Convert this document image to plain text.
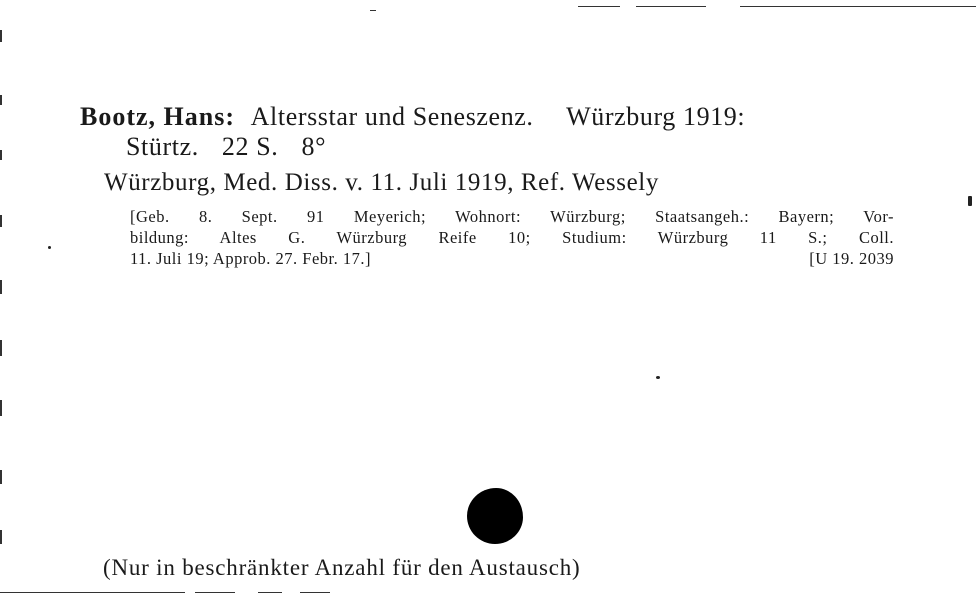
Bootz, Hans: Altersstar und Seneszenz. Würzburg 1919:
Stürtz. 22 S. 8°
Würzburg, Med. Diss. v. 11. Juli 1919, Ref. Wessely
[Geb. 8. Sept. 91 Meyerich; Wohnort: Würzburg; Staatsangeh.: Bayern; Vor-
bildung: Altes G. Würzburg Reife 10; Studium: Würzburg 11 S.; Coll.
11. Juli 19; Approb. 27. Febr. 17.]	[U 19. 2039
(Nur in beschränkter Anzahl für den Austausch)
